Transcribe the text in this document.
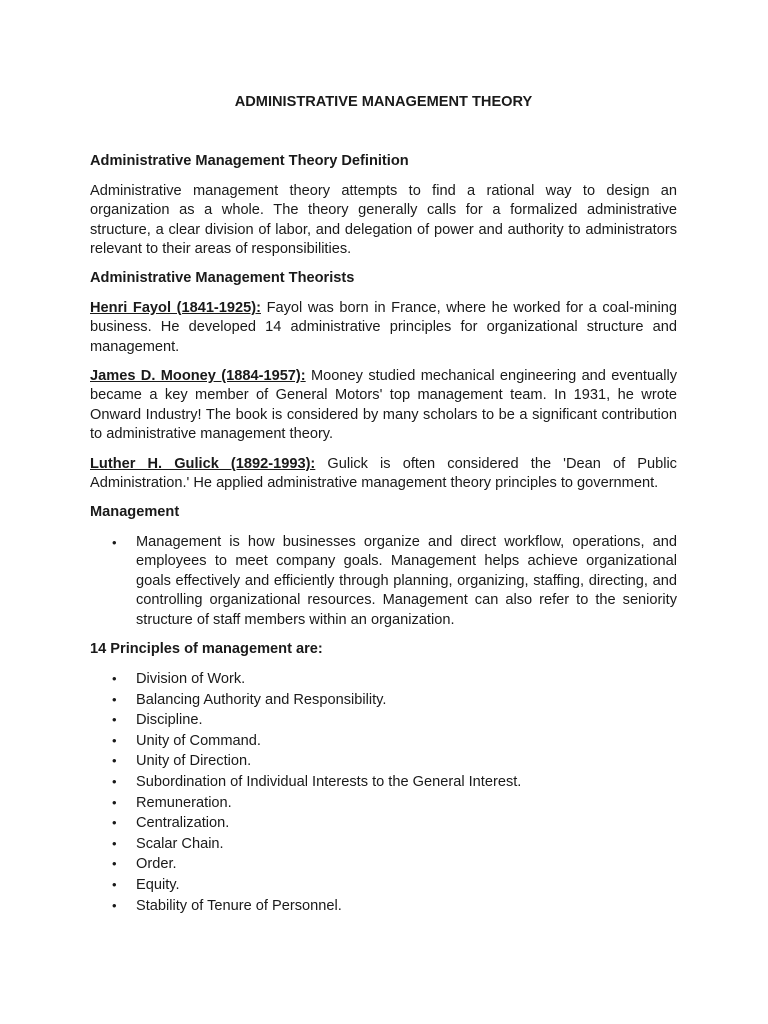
ADMINISTRATIVE MANAGEMENT THEORY
Administrative Management Theory Definition

Administrative management theory attempts to find a rational way to design an organization as a whole. The theory generally calls for a formalized administrative structure, a clear division of labor, and delegation of power and authority to administrators relevant to their areas of responsibilities.

Administrative Management Theorists

Henri Fayol (1841-1925): Fayol was born in France, where he worked for a coal-mining business. He developed 14 administrative principles for organizational structure and management.

James D. Mooney (1884-1957): Mooney studied mechanical engineering and eventually became a key member of General Motors' top management team. In 1931, he wrote Onward Industry! The book is considered by many scholars to be a significant contribution to administrative management theory.

Luther H. Gulick (1892-1993): Gulick is often considered the 'Dean of Public Administration.' He applied administrative management theory principles to government.

Management
• Management is how businesses organize and direct workflow, operations, and employees to meet company goals. Management helps achieve organizational goals effectively and efficiently through planning, organizing, staffing, directing, and controlling organizational resources. Management can also refer to the seniority structure of staff members within an organization.
14 Principles of management are:
• Division of Work.
• Balancing Authority and Responsibility.
• Discipline.
• Unity of Command.
• Unity of Direction.
• Subordination of Individual Interests to the General Interest.
• Remuneration.
• Centralization.
• Scalar Chain.
• Order.
• Equity.
• Stability of Tenure of Personnel.
